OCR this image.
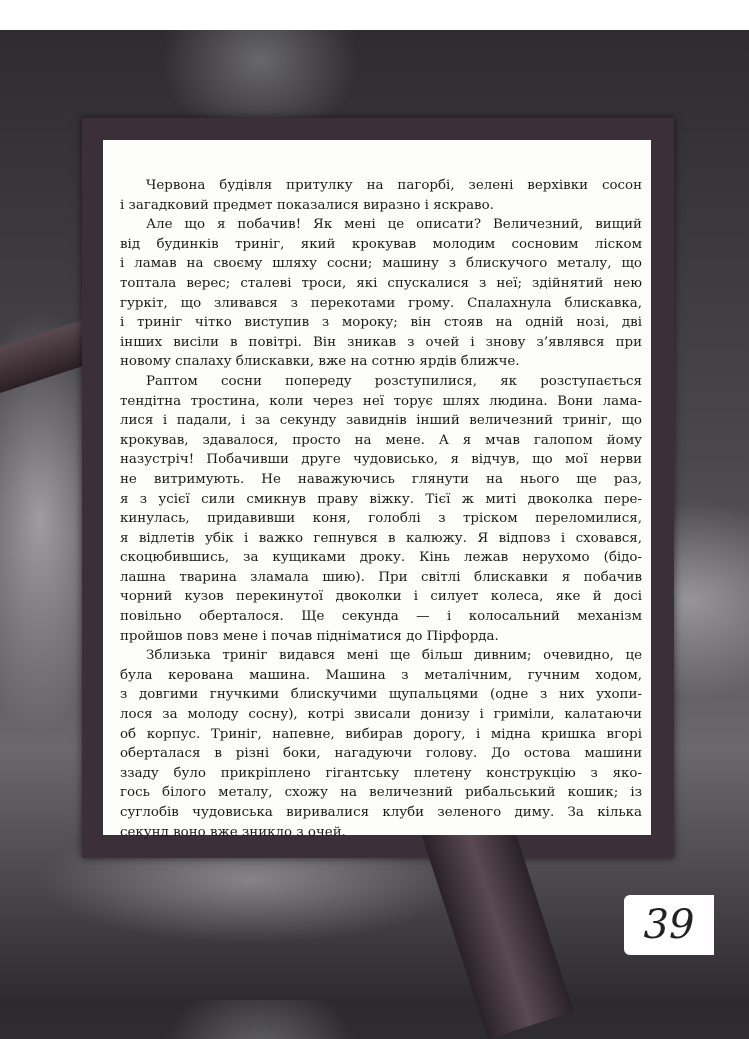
Червона будівля притулку на пагорбі, зелені верхівки сосон
і загадковий предмет показалися виразно і яскраво.
Але що я побачив! Як мені це описати? Величезний, вищий
від будинків триніг, який крокував молодим сосновим ліском
і ламав на своєму шляху сосни; машину з блискучого металу, що
топтала верес; сталеві троси, які спускалися з неї; здійнятий нею
гуркіт, що зливався з перекотами грому. Спалахнула блискавка,
і триніг чітко виступив з мороку; він стояв на одній нозі, дві
інших висіли в повітрі. Він зникав з очей і знову з’являвся при
новому спалаху блискавки, вже на сотню ярдів ближче.
Раптом сосни попереду розступилися, як розступається
тендітна тростина, коли через неї торує шлях людина. Вони лама-
лися і падали, і за секунду завиднів інший величезний триніг, що
крокував, здавалося, просто на мене. А я мчав галопом йому
назустріч! Побачивши друге чудовисько, я відчув, що мої нерви
не витримують. Не наважуючись глянути на нього ще раз,
я з усієї сили смикнув праву віжку. Тієї ж миті двоколка пере-
кинулась, придавивши коня, голоблі з тріском переломилися,
я відлетів убік і важко гепнувся в калюжу. Я відповз і сховався,
скоцюбившись, за кущиками дроку. Кінь лежав нерухомо (бідо-
лашна тварина зламала шию). При світлі блискавки я побачив
чорний кузов перекинутої двоколки і силует колеса, яке й досі
повільно оберталося. Ще секунда — і колосальний механізм
пройшов повз мене і почав підніматися до Пірфорда.
Зблизька триніг видався мені ще більш дивним; очевидно, це
була керована машина. Машина з металічним, гучним ходом,
з довгими гнучкими блискучими щупальцями (одне з них ухопи-
лося за молоду сосну), котрі звисали донизу і гриміли, калатаючи
об корпус. Триніг, напевне, вибирав дорогу, і мідна кришка вгорі
оберталася в різні боки, нагадуючи голову. До остова машини
ззаду було прикріплено гігантську плетену конструкцію з яко-
гось білого металу, схожу на величезний рибальський кошик; із
суглобів чудовиська виривалися клуби зеленого диму. За кілька
секунд воно вже зникло з очей.
39
